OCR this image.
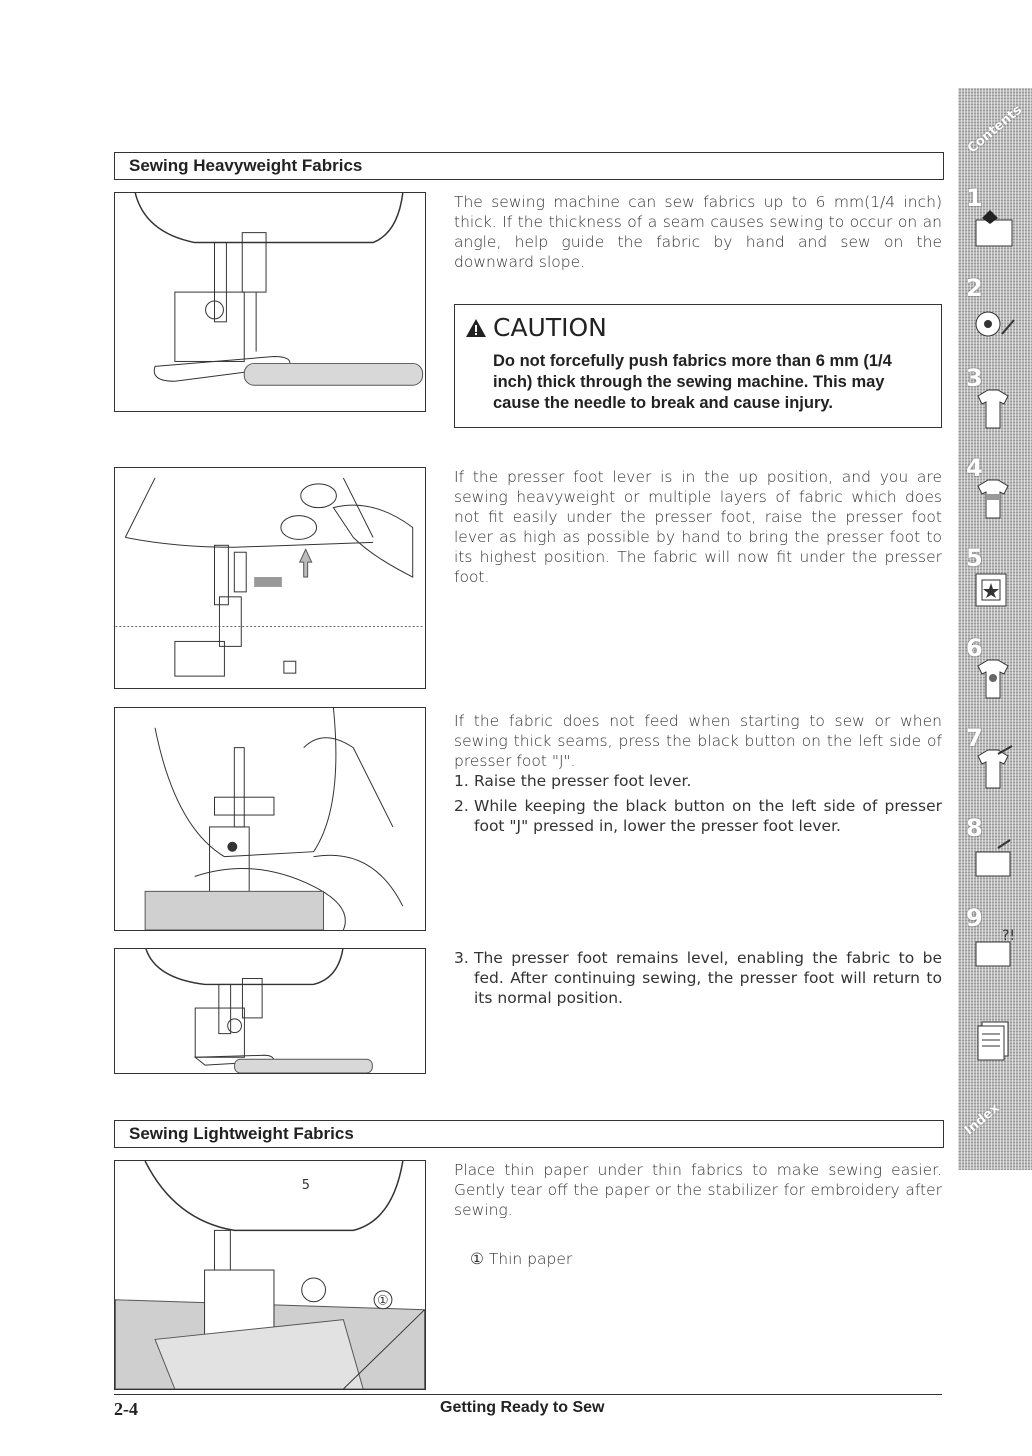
Sewing Heavyweight Fabrics

The sewing machine can sew fabrics up to 6 mm(1/4 inch) thick. If the thickness of a seam causes sewing to occur on an angle, help guide the fabric by hand and sew on the downward slope.

CAUTION
Do not forcefully push fabrics more than 6 mm (1/4 inch) thick through the sewing machine. This may cause the needle to break and cause injury.

If the presser foot lever is in the up position, and you are sewing heavyweight or multiple layers of fabric which does not fit easily under the presser foot, raise the presser foot lever as high as possible by hand to bring the presser foot to its highest position. The fabric will now fit under the presser foot.

If the fabric does not feed when starting to sew or when sewing thick seams, press the black button on the left side of presser foot "J".

1. Raise the presser foot lever.
2. While keeping the black button on the left side of presser foot "J" pressed in, lower the presser foot lever.
3. The presser foot remains level, enabling the fabric to be fed. After continuing sewing, the presser foot will return to its normal position.
Sewing Lightweight Fabrics
5
①

Place thin paper under thin fabrics to make sewing easier. Gently tear off the paper or the stabilizer for embroidery after sewing.

① Thin paper

2-4	Getting Ready to Sew
Contents
1
2
3
4
5
6
7
8
9
?!
Index
